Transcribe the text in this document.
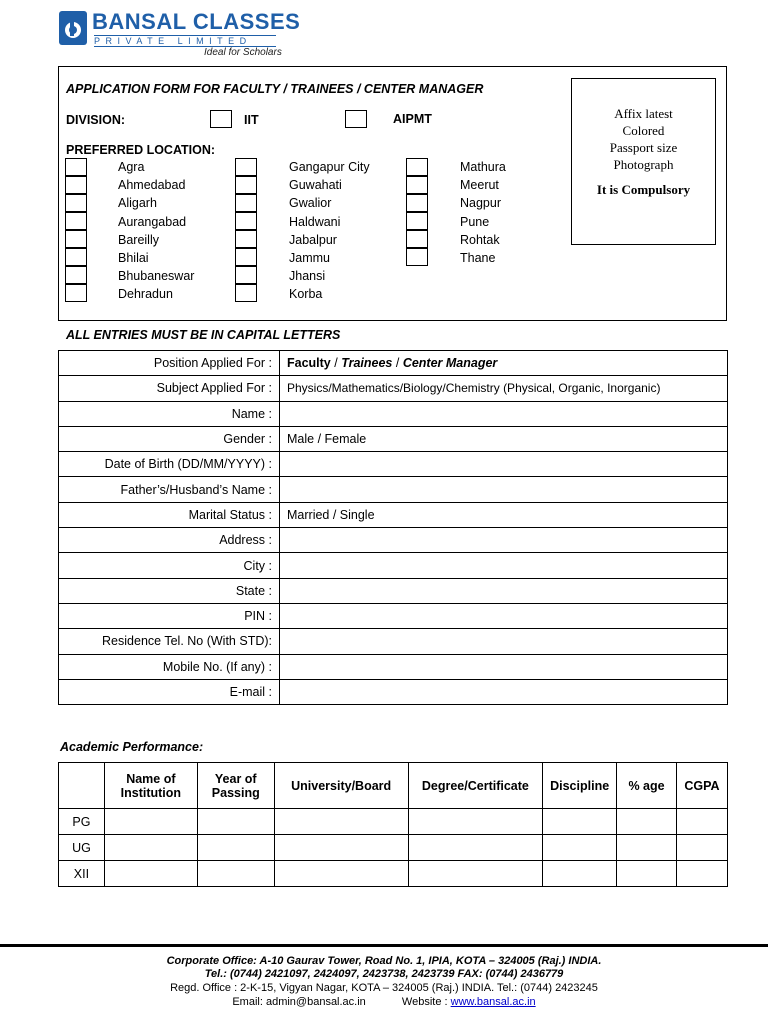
BANSAL CLASSES
PRIVATE LIMITED
Ideal for Scholars
APPLICATION FORM FOR FACULTY / TRAINEES / CENTER MANAGER
DIVISION:	IIT	AIPMT
PREFERRED LOCATION:
Agra
Ahmedabad
Aligarh
Aurangabad
Bareilly
Bhilai
Bhubaneswar
Dehradun
Gangapur City
Guwahati
Gwalior
Haldwani
Jabalpur
Jammu
Jhansi
Korba
Mathura
Meerut
Nagpur
Pune
Rohtak
Thane
Affix latest
Colored
Passport size
Photograph
It is Compulsory
ALL ENTRIES MUST BE IN CAPITAL LETTERS
Position Applied For :	Faculty / Trainees / Center Manager
Subject Applied For :	Physics/Mathematics/Biology/Chemistry (Physical, Organic, Inorganic)
Name :	
Gender :	Male / Female
Date of Birth (DD/MM/YYYY) :	
Father’s/Husband’s Name :	
Marital Status :	Married / Single
Address :	
City :	
State :	
PIN :	
Residence Tel. No (With STD):	
Mobile No. (If any) :	
E-mail :	
Academic Performance:
	Name of Institution	Year of Passing	University/Board	Degree/Certificate	Discipline	% age	CGPA
PG							
UG							
XII							
Corporate Office: A-10 Gaurav Tower, Road No. 1, IPIA, KOTA – 324005 (Raj.) INDIA.
Tel.: (0744) 2421097, 2424097, 2423738, 2423739 FAX: (0744) 2436779
Regd. Office : 2-K-15, Vigyan Nagar, KOTA – 324005 (Raj.) INDIA. Tel.: (0744) 2423245
Email: admin@bansal.ac.in	Website : www.bansal.ac.in
